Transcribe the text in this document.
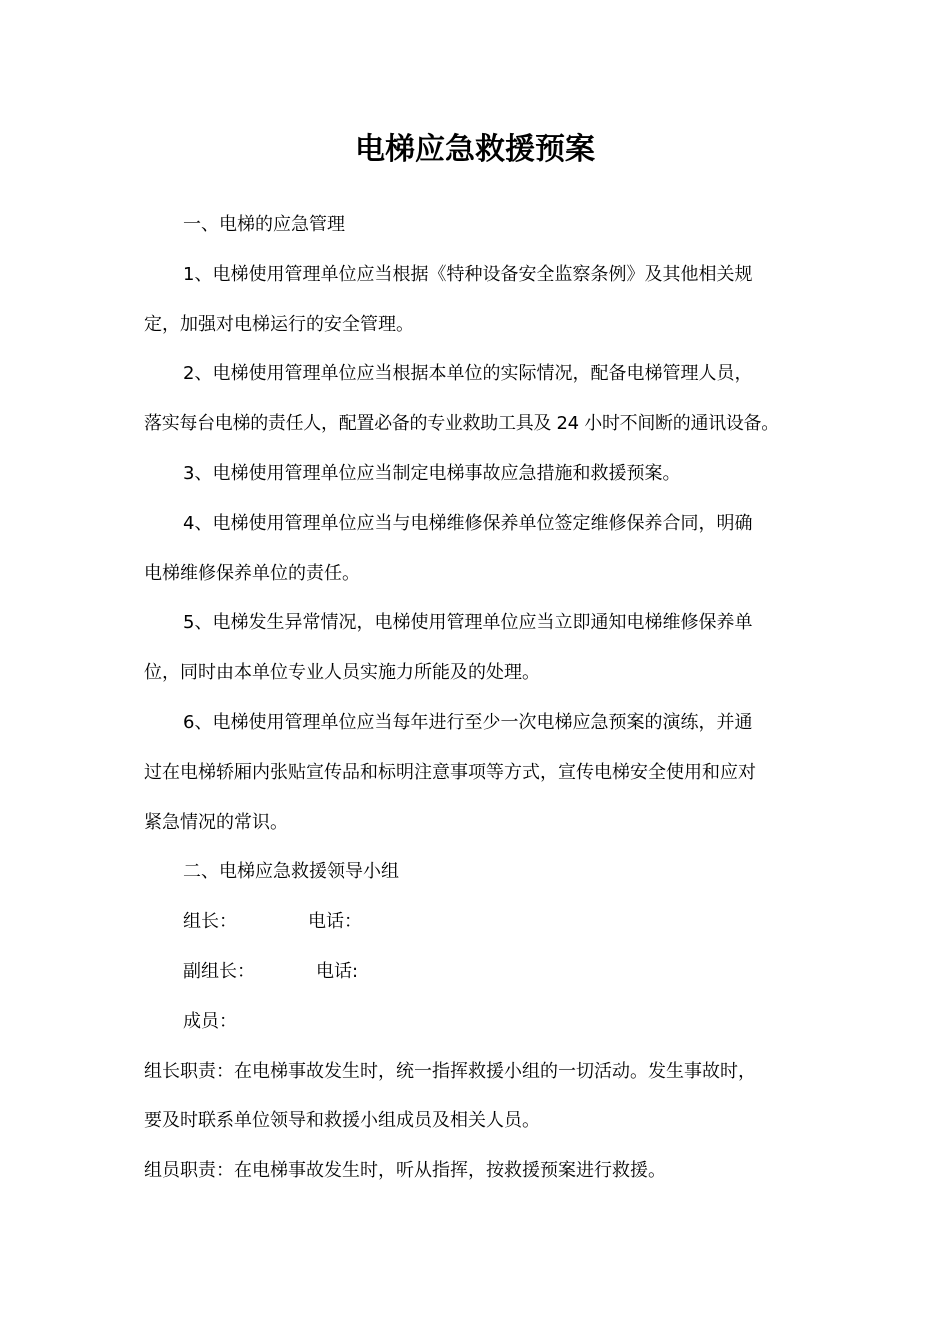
电梯应急救援预案

一、电梯的应急管理

1、电梯使用管理单位应当根据《特种设备安全监察条例》及其他相关规

定，加强对电梯运行的安全管理。

2、电梯使用管理单位应当根据本单位的实际情况，配备电梯管理人员，

落实每台电梯的责任人，配置必备的专业救助工具及 24 小时不间断的通讯设备。

3、电梯使用管理单位应当制定电梯事故应急措施和救援预案。

4、电梯使用管理单位应当与电梯维修保养单位签定维修保养合同，明确

电梯维修保养单位的责任。

5、电梯发生异常情况，电梯使用管理单位应当立即通知电梯维修保养单

位，同时由本单位专业人员实施力所能及的处理。

6、电梯使用管理单位应当每年进行至少一次电梯应急预案的演练，并通

过在电梯轿厢内张贴宣传品和标明注意事项等方式，宣传电梯安全使用和应对

紧急情况的常识。

二、电梯应急救援领导小组

组长：	电话：

副组长：	电话:

成员：

组长职责：在电梯事故发生时，统一指挥救援小组的一切活动。发生事故时，

要及时联系单位领导和救援小组成员及相关人员。

组员职责：在电梯事故发生时，听从指挥，按救援预案进行救援。
